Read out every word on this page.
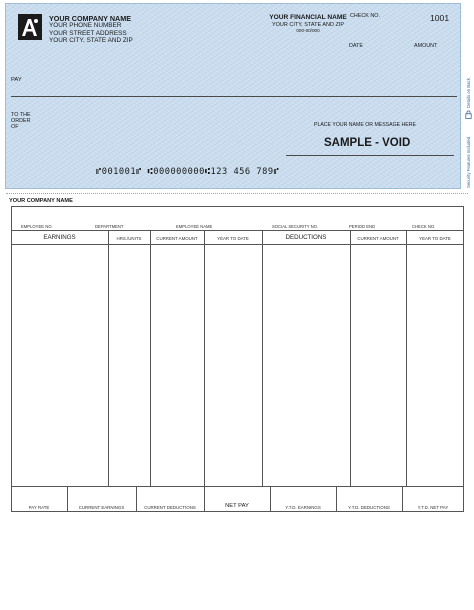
Details on Back.
Security Features Included
YOUR COMPANY NAME
YOUR PHONE NUMBER
YOUR STREET ADDRESS
YOUR CITY, STATE AND ZIP
YOUR FINANCIAL NAME
YOUR CITY, STATE AND ZIP
000-00/000
CHECK NO.	1001
DATE	AMOUNT
PAY
TO THE
ORDER
OF	PLACE YOUR NAME OR MESSAGE HERE
SAMPLE - VOID
⑈001001⑈ ⑆000000000⑆123 456 789⑈
YOUR COMPANY NAME
EMPLOYEE NO.	DEPARTMENT	EMPLOYEE NAME	SOCIAL SECURITY NO.	PERIOD END	CHECK NO.
EARNINGS	HRS./UNITS	CURRENT AMOUNT	YEAR TO DATE	DEDUCTIONS	CURRENT AMOUNT	YEAR TO DATE
PAY RATE	CURRENT EARNINGS	CURRENT DEDUCTIONS	NET PAY	Y.T.D. EARNINGS	Y.T.D. DEDUCTIONS	Y.T.D. NET PAY
